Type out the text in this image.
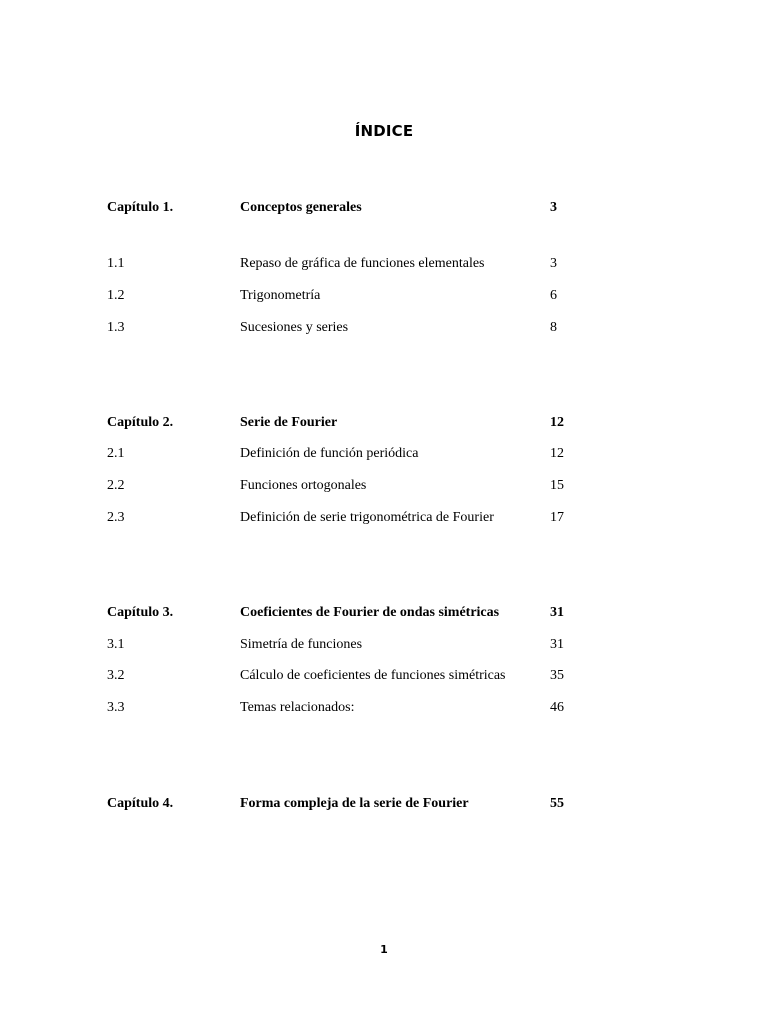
ÍNDICE
Capítulo 1.	Conceptos generales	3
1.1	Repaso de gráfica de funciones elementales	3
1.2	Trigonometría	6
1.3	Sucesiones y series	8
Capítulo 2.	Serie de Fourier	12
2.1	Definición de función periódica	12
2.2	Funciones ortogonales	15
2.3	Definición de serie trigonométrica de Fourier	17
Capítulo 3.	Coeficientes de Fourier de ondas simétricas	31
3.1	Simetría de funciones	31
3.2	Cálculo de coeficientes de funciones simétricas	35
3.3	Temas relacionados:	46
Capítulo 4.	Forma compleja de la serie de Fourier	55
1
